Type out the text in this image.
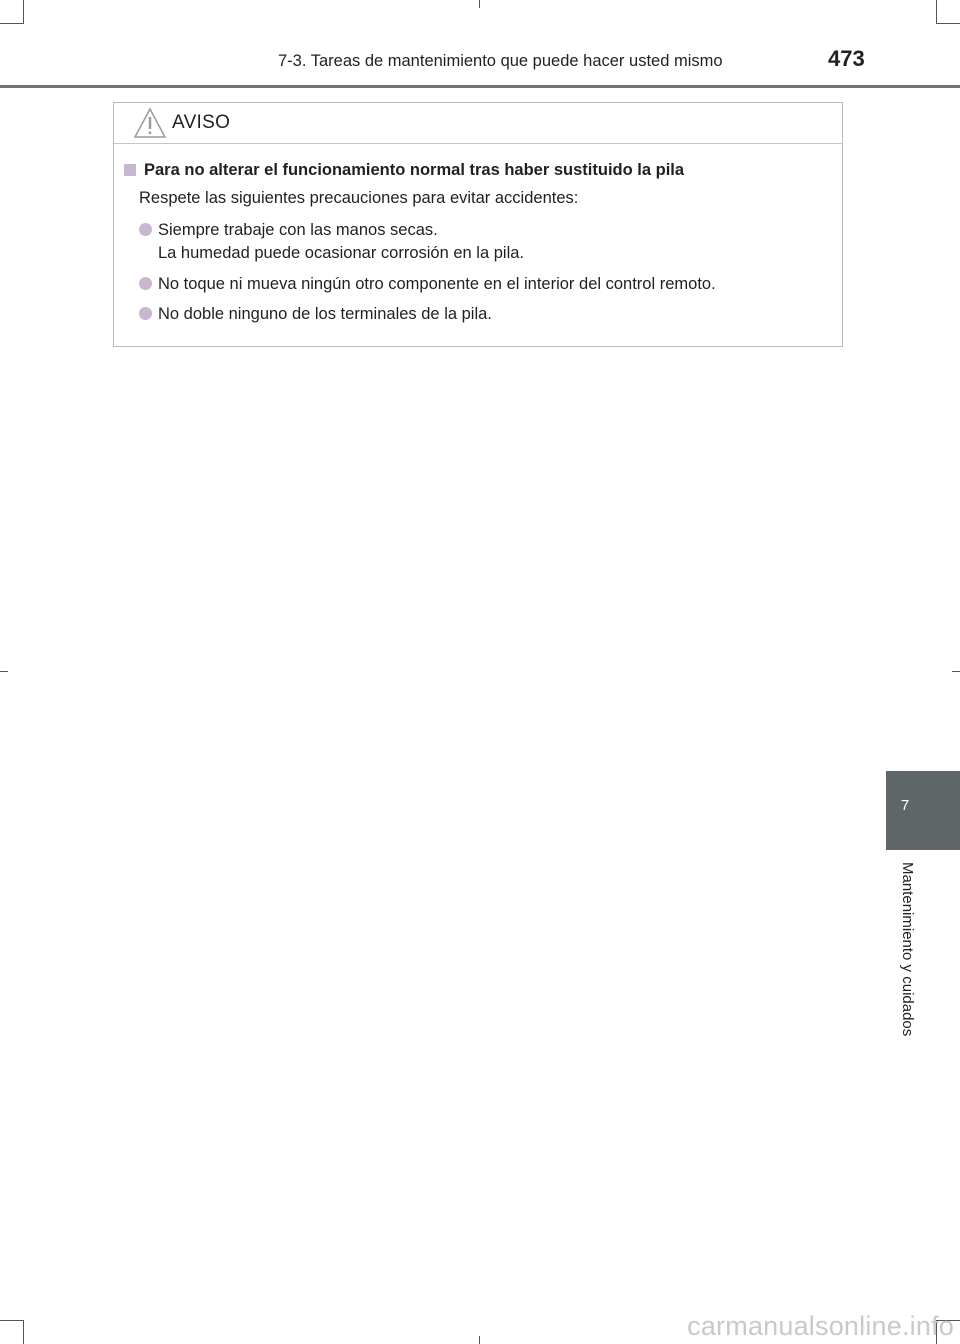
7-3. Tareas de mantenimiento que puede hacer usted mismo	473
AVISO
Para no alterar el funcionamiento normal tras haber sustituido la pila
Respete las siguientes precauciones para evitar accidentes:
Siempre trabaje con las manos secas.
La humedad puede ocasionar corrosión en la pila.
No toque ni mueva ningún otro componente en el interior del control remoto.
No doble ninguno de los terminales de la pila.
7
Mantenimiento y cuidados
carmanualsonline.info
